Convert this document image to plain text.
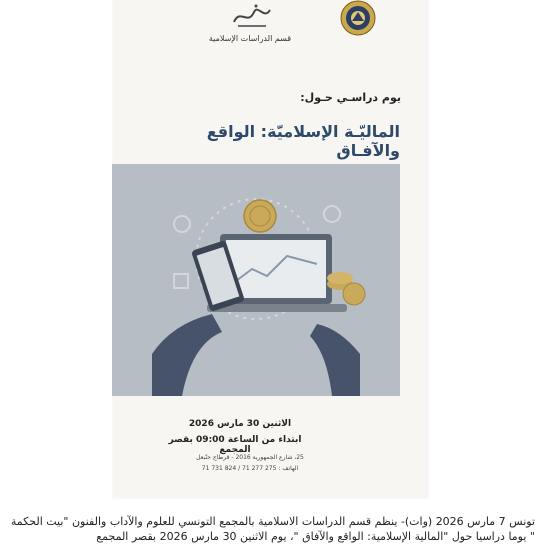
قسم الدراسات الإسلامية
يوم دراسـي حـول:
الماليّـة الإسلاميّة: الواقع والآفـاق
الاثنين 30 مارس 2026
ابتداء من الساعة 09:00 بقصر المجمع
25، شارع الجمهورية 2016 - قرطاج حنّبعل
الهاتف : 275 277 71 / 824 731 71
تونس 7 مارس 2026 (وات)- ينظم قسم الدراسات الاسلامية بالمجمع التونسي للعلوم والآداب والفنون "بيت الحكمة
" يوما دراسيا حول "المالية الإسلامية: الواقع والآفاق "، يوم الاثنين 30 مارس 2026 بقصر المجمع
